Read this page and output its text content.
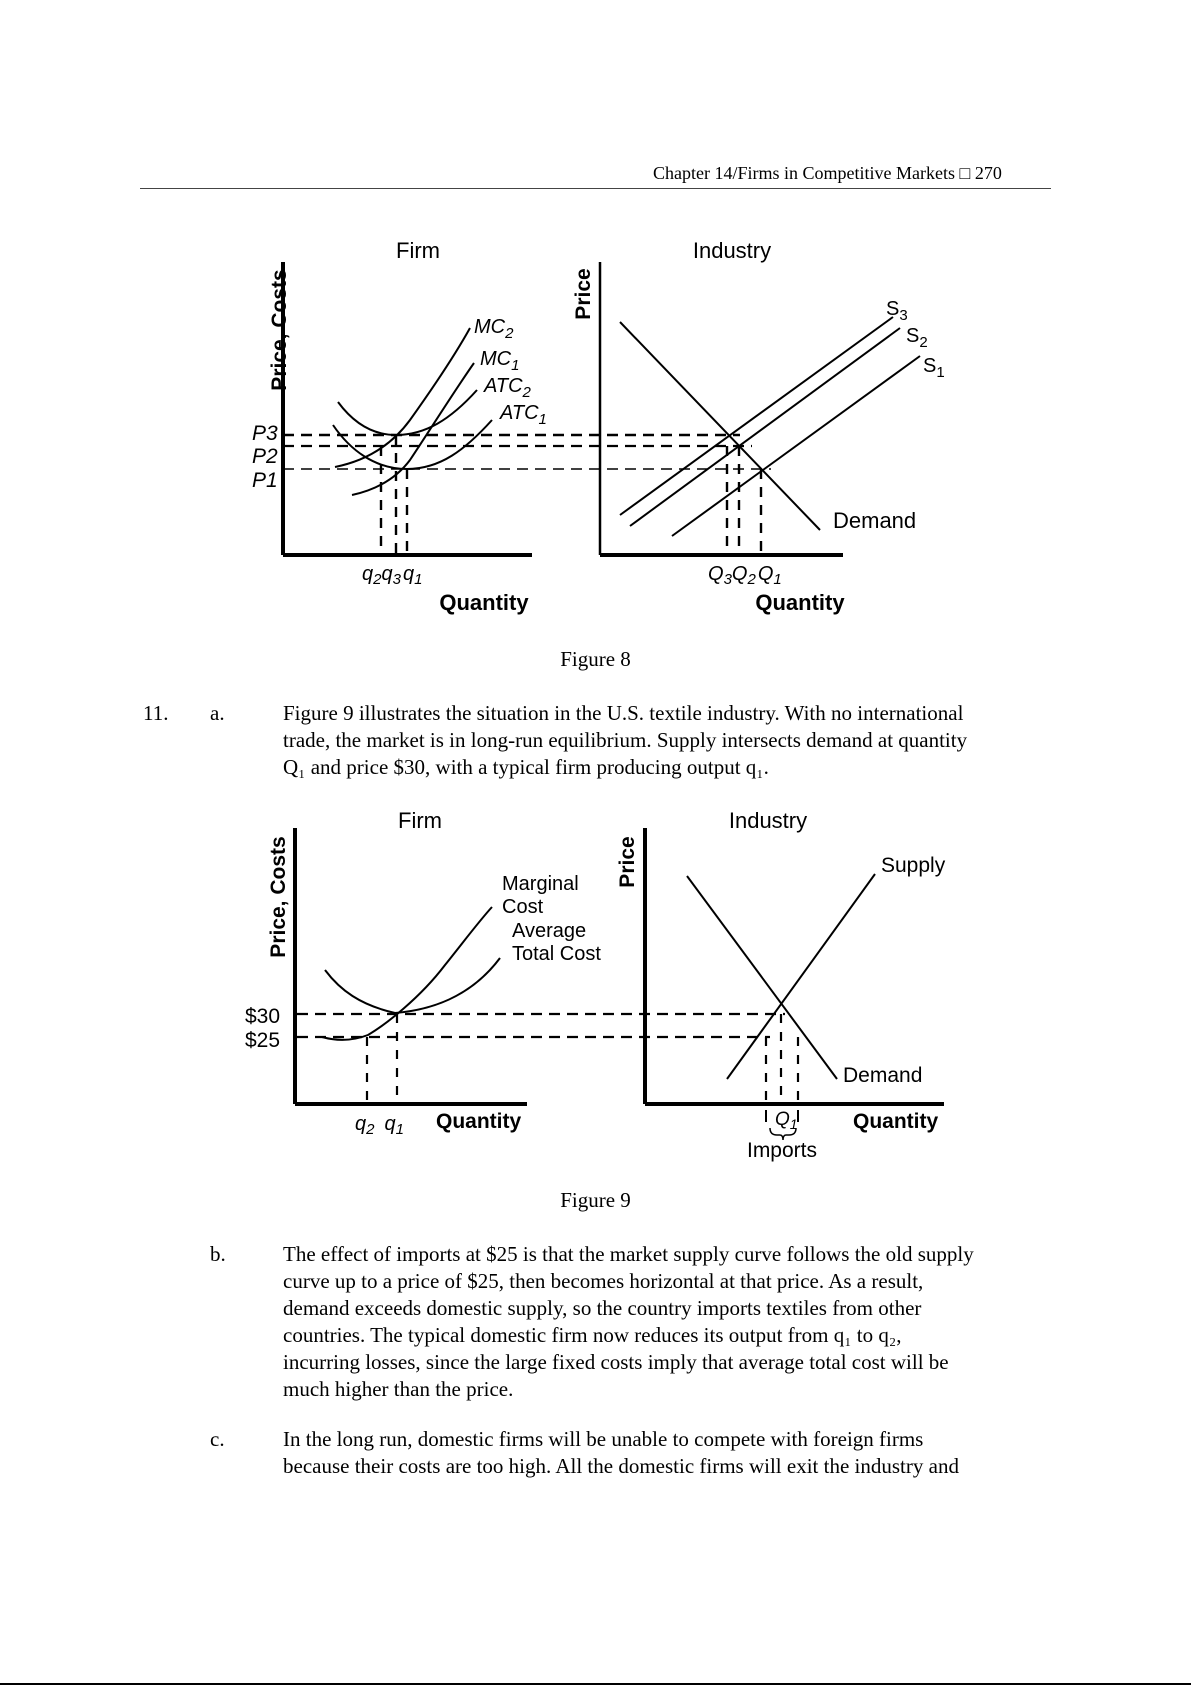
Chapter 14/Firms in Competitive Markets □ 270
Firm
Price, Costs
P3
P2
P1
$MC_2$
$MC_1$
$ATC_2$
$ATC_1$
$q_2q_3$ $q_1$
Quantity
Industry
Price	$S_3$
$S_2$
$S_1$
Demand
$Q_3Q_2$ $Q_1$
Quantity
Figure 8
11. a.	Figure 9 illustrates the situation in the U.S. textile industry. With no international
trade, the market is in long-run equilibrium. Supply intersects demand at quantity
Q₁ and price $30, with a typical firm producing output q₁.
Firm
Price, Costs
$30
$25
Marginal
Cost
Average
Total Cost
$q_2$ $q_1$ Quantity
Industry
Price	Supply
Demand
$Q_1$
Imports
Quantity
Figure 9
b.	The effect of imports at $25 is that the market supply curve follows the old supply
curve up to a price of $25, then becomes horizontal at that price. As a result,
demand exceeds domestic supply, so the country imports textiles from other
countries. The typical domestic firm now reduces its output from q₁ to q₂,
incurring losses, since the large fixed costs imply that average total cost will be
much higher than the price.
c.	In the long run, domestic firms will be unable to compete with foreign firms
because their costs are too high. All the domestic firms will exit the industry and
